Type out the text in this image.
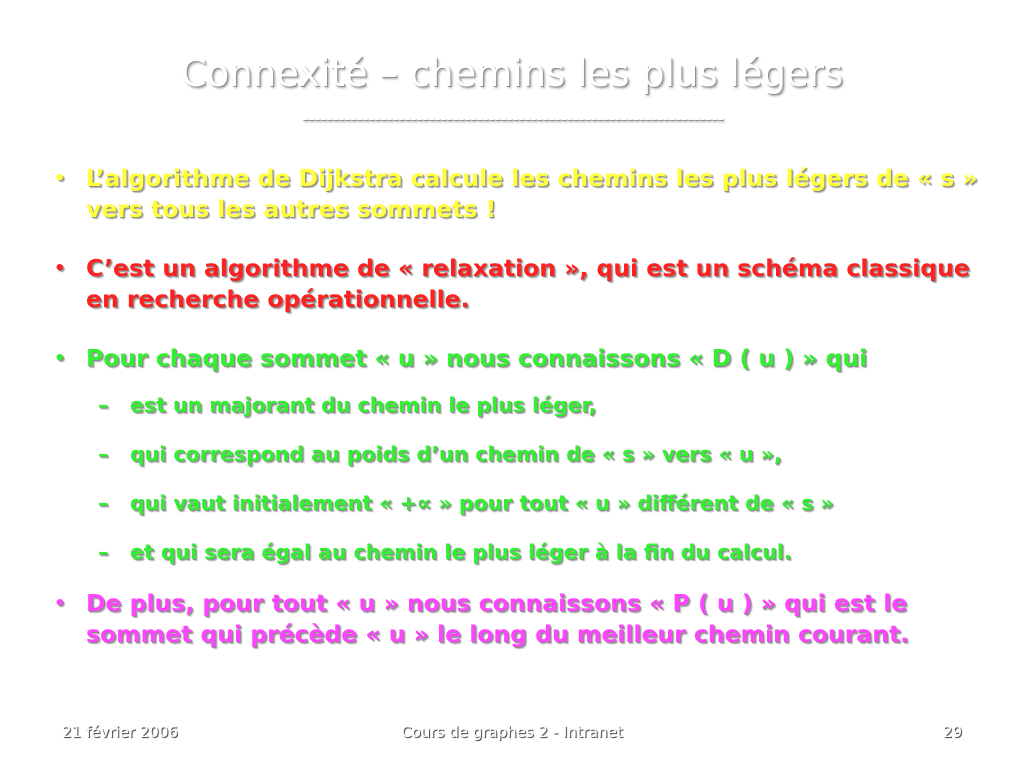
Connexité – chemins les plus légers
----------------------------------------------------------------------
• L’algorithme de Dijkstra calcule les chemins les plus légers de « s » vers tous les autres sommets !
• C’est un algorithme de « relaxation », qui est un schéma classique en recherche opérationnelle.
• Pour chaque sommet « u » nous connaissons « D ( u ) » qui
– est un majorant du chemin le plus léger,
– qui correspond au poids d’un chemin de « s » vers « u »,
– qui vaut initialement « +∝ » pour tout « u » différent de « s »
– et qui sera égal au chemin le plus léger à la fin du calcul.
• De plus, pour tout « u » nous connaissons « P ( u ) » qui est le sommet qui précède « u » le long du meilleur chemin courant.
21 février 2006	Cours de graphes 2 - Intranet	29
